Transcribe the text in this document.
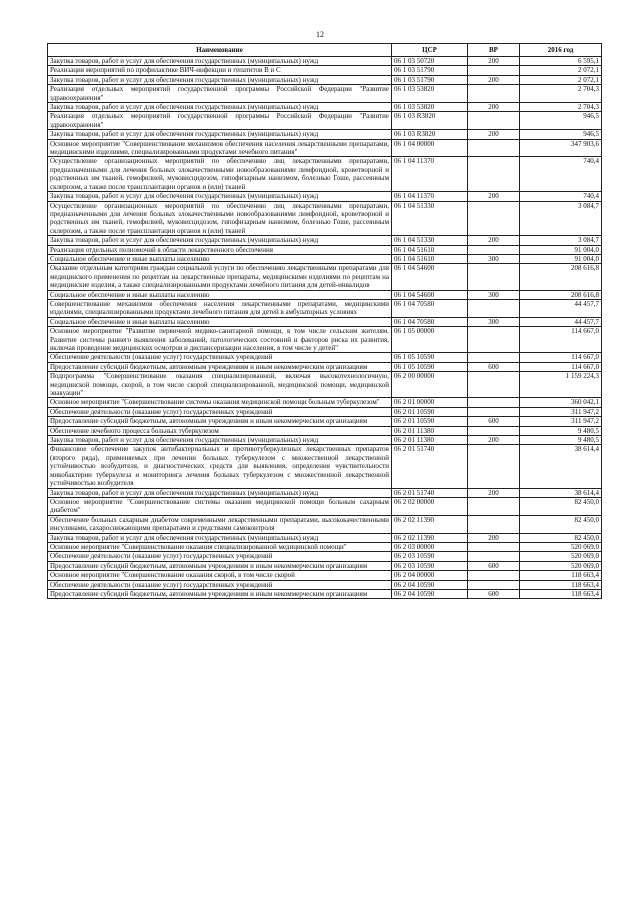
12
Наименование	ЦСР	ВР	2016 год
Закупка товаров, работ и услуг для обеспечения государственных (муниципальных) нужд	06 1 03 50720	200	6 595,1
Реализация мероприятий по профилактике ВИЧ-инфекции и гепатитов B и C	06 1 03 51790		2 072,1
Закупка товаров, работ и услуг для обеспечения государственных (муниципальных) нужд	06 1 03 51790	200	2 072,1
Реализация отдельных мероприятий государственной программы Российской Федерации "Развитие здравоохранения"	06 1 03 53820		2 704,3
Закупка товаров, работ и услуг для обеспечения государственных (муниципальных) нужд	06 1 03 53820	200	2 704,3
Реализация отдельных мероприятий государственной программы Российской Федерации "Развитие здравоохранения"	06 1 03 R3820		946,5
Закупка товаров, работ и услуг для обеспечения государственных (муниципальных) нужд	06 1 03 R3820	200	946,5
Основное мероприятие "Совершенствование механизмов обеспечения населения лекарственными препаратами, медицинскими изделиями, специализированными продуктами лечебного питания"	06 1 04 00000		347 903,6
Осуществление организационных мероприятий по обеспечению лиц лекарственными препаратами, предназначенными для лечения больных злокачественными новообразованиями лимфоидной, кроветворной и родственных им тканей, гемофилией, муковисцидозом, гипофизарным нанизмом, болезнью Гоше, рассеянным склерозом, а также после трансплантации органов и (или) тканей	06 1 04 11370		740,4
Закупка товаров, работ и услуг для обеспечения государственных (муниципальных) нужд	06 1 04 11370	200	740,4
Осуществление организационных мероприятий по обеспечению лиц лекарственными препаратами, предназначенными для лечения больных злокачественными новообразованиями лимфоидной, кроветворной и родственных им тканей, гемофилией, муковисцидозом, гипофизарным нанизмом, болезнью Гоше, рассеянным склерозом, а также после трансплантации органов и (или) тканей	06 1 04 51330		3 084,7
Закупка товаров, работ и услуг для обеспечения государственных (муниципальных) нужд	06 1 04 51330	200	3 084,7
Реализация отдельных полномочий в области лекарственного обеспечения	06 1 04 51610		91 004,0
Социальное обеспечение и иные выплаты населению	06 1 04 51610	300	91 004,0
Оказание отдельным категориям граждан социальной услуги по обеспечению лекарственными препаратами для медицинского применения по рецептам на лекарственные препараты, медицинскими изделиями по рецептам на медицинские изделия, а также специализированными продуктами лечебного питания для детей-инвалидов	06 1 04 54600		208 616,8
Социальное обеспечение и иные выплаты населению	06 1 04 54600	300	208 616,8
Совершенствование механизмов обеспечения населения лекарственными препаратами, медицинскими изделиями, специализированными продуктами лечебного питания для детей в амбулаторных условиях	06 1 04 70580		44 457,7
Социальное обеспечение и иные выплаты населению	06 1 04 70580	300	44 457,7
Основное мероприятие "Развитие первичной медико-санитарной помощи, в том числе сельским жителям. Развитие системы раннего выявления заболеваний, патологических состояний и факторов риска их развития, включая проведение медицинских осмотров и диспансеризации населения, в том числе у детей"	06 1 05 00000		114 667,0
Обеспечение деятельности (оказание услуг) государственных учреждений	06 1 05 10590		114 667,0
Предоставление субсидий бюджетным, автономным учреждениям и иным некоммерческим организациям	06 1 05 10590	600	114 667,0
Подпрограмма "Совершенствование оказания специализированной, включая высокотехнологичную, медицинской помощи, скорой, в том числе скорой специализированной, медицинской помощи, медицинской эвакуации"	06 2 00 00000		1 159 224,3
Основное мероприятие "Совершенствование системы оказания медицинской помощи больным туберкулезом"	06 2 01 00000		360 042,1
Обеспечение деятельности (оказание услуг) государственных учреждений	06 2 01 10590		311 947,2
Предоставление субсидий бюджетным, автономным учреждениям и иным некоммерческим организациям	06 2 01 10590	600	311 947,2
Обеспечение лечебного процесса больных туберкулезом	06 2 01 11380		9 480,5
Закупка товаров, работ и услуг для обеспечения государственных (муниципальных) нужд	06 2 01 11380	200	9 480,5
Финансовое обеспечение закупок антибактериальных и противотуберкулезных лекарственных препаратов (второго ряда), применяемых при лечении больных туберкулезом с множественной лекарственной устойчивостью возбудителя, и диагностических средств для выявления, определения чувствительности микобактерии туберкулеза и мониторинга лечения больных туберкулезом с множественной лекарственной устойчивостью возбудителя	06 2 01 51740		38 614,4
Закупка товаров, работ и услуг для обеспечения государственных (муниципальных) нужд	06 2 01 51740	200	38 614,4
Основное мероприятие "Совершенствование системы оказания медицинской помощи больным сахарным диабетом"	06 2 02 00000		82 450,0
Обеспечение больных сахарным диабетом современными лекарственными препаратами, высококачественными инсулинами, сахароснижающими препаратами и средствами самоконтроля	06 2 02 11390		82 450,0
Закупка товаров, работ и услуг для обеспечения государственных (муниципальных) нужд	06 2 02 11390	200	82 450,0
Основное мероприятие "Совершенствование оказания специализированной медицинской помощи"	06 2 03 00000		520 069,0
Обеспечение деятельности (оказание услуг) государственных учреждений	06 2 03 10590		520 069,0
Предоставление субсидий бюджетным, автономным учреждениям и иным некоммерческим организациям	06 2 03 10590	600	520 069,0
Основное мероприятие "Совершенствование оказания скорой, в том числе скорой	06 2 04 00000		118 663,4
Обеспечение деятельности (оказание услуг) государственных учреждений	06 2 04 10590		118 663,4
Предоставление субсидий бюджетным, автономным учреждениям и иным некоммерческим организациям	06 2 04 10590	600	118 663,4
